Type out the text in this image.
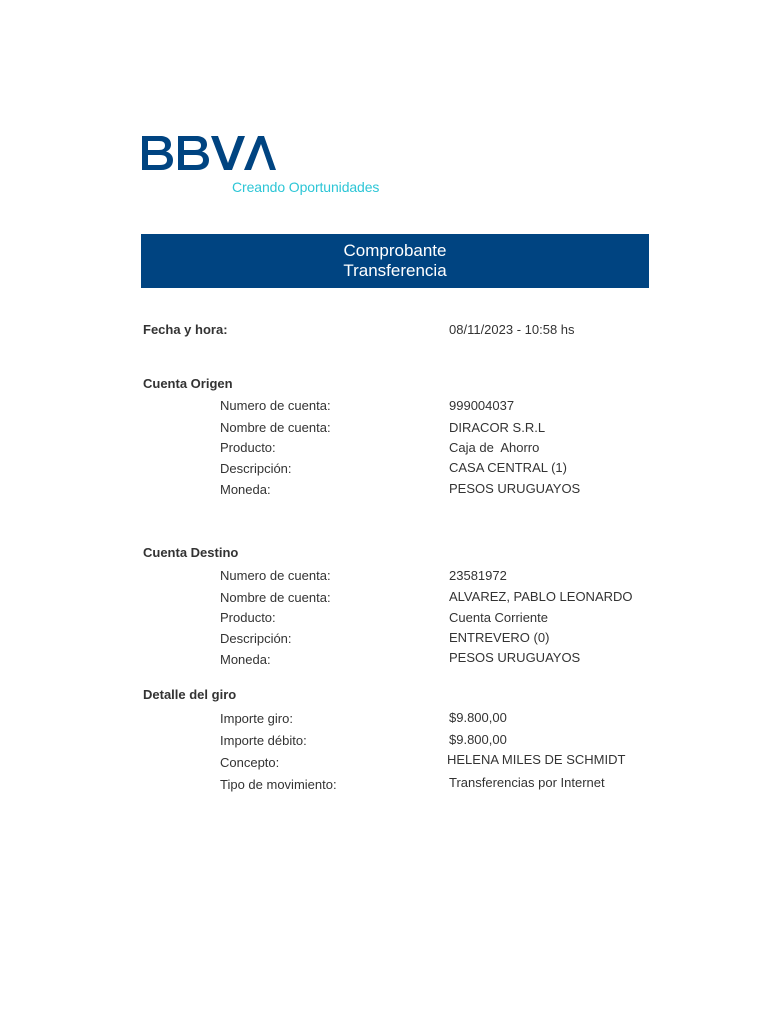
Creando Oportunidades
Comprobante
Transferencia
Fecha y hora:	08/11/2023 - 10:58 hs
Cuenta Origen
Numero de cuenta:	999004037
Nombre de cuenta:	DIRACOR S.R.L
Producto:	Caja de  Ahorro
Descripción:	CASA CENTRAL (1)
Moneda:	PESOS URUGUAYOS
Cuenta Destino
Numero de cuenta:	23581972
Nombre de cuenta:	ALVAREZ, PABLO LEONARDO
Producto:	Cuenta Corriente
Descripción:	ENTREVERO (0)
Moneda:	PESOS URUGUAYOS
Detalle del giro
Importe giro:	$9.800,00
Importe débito:	$9.800,00
Concepto:	HELENA MILES DE SCHMIDT
Tipo de movimiento:	Transferencias por Internet
